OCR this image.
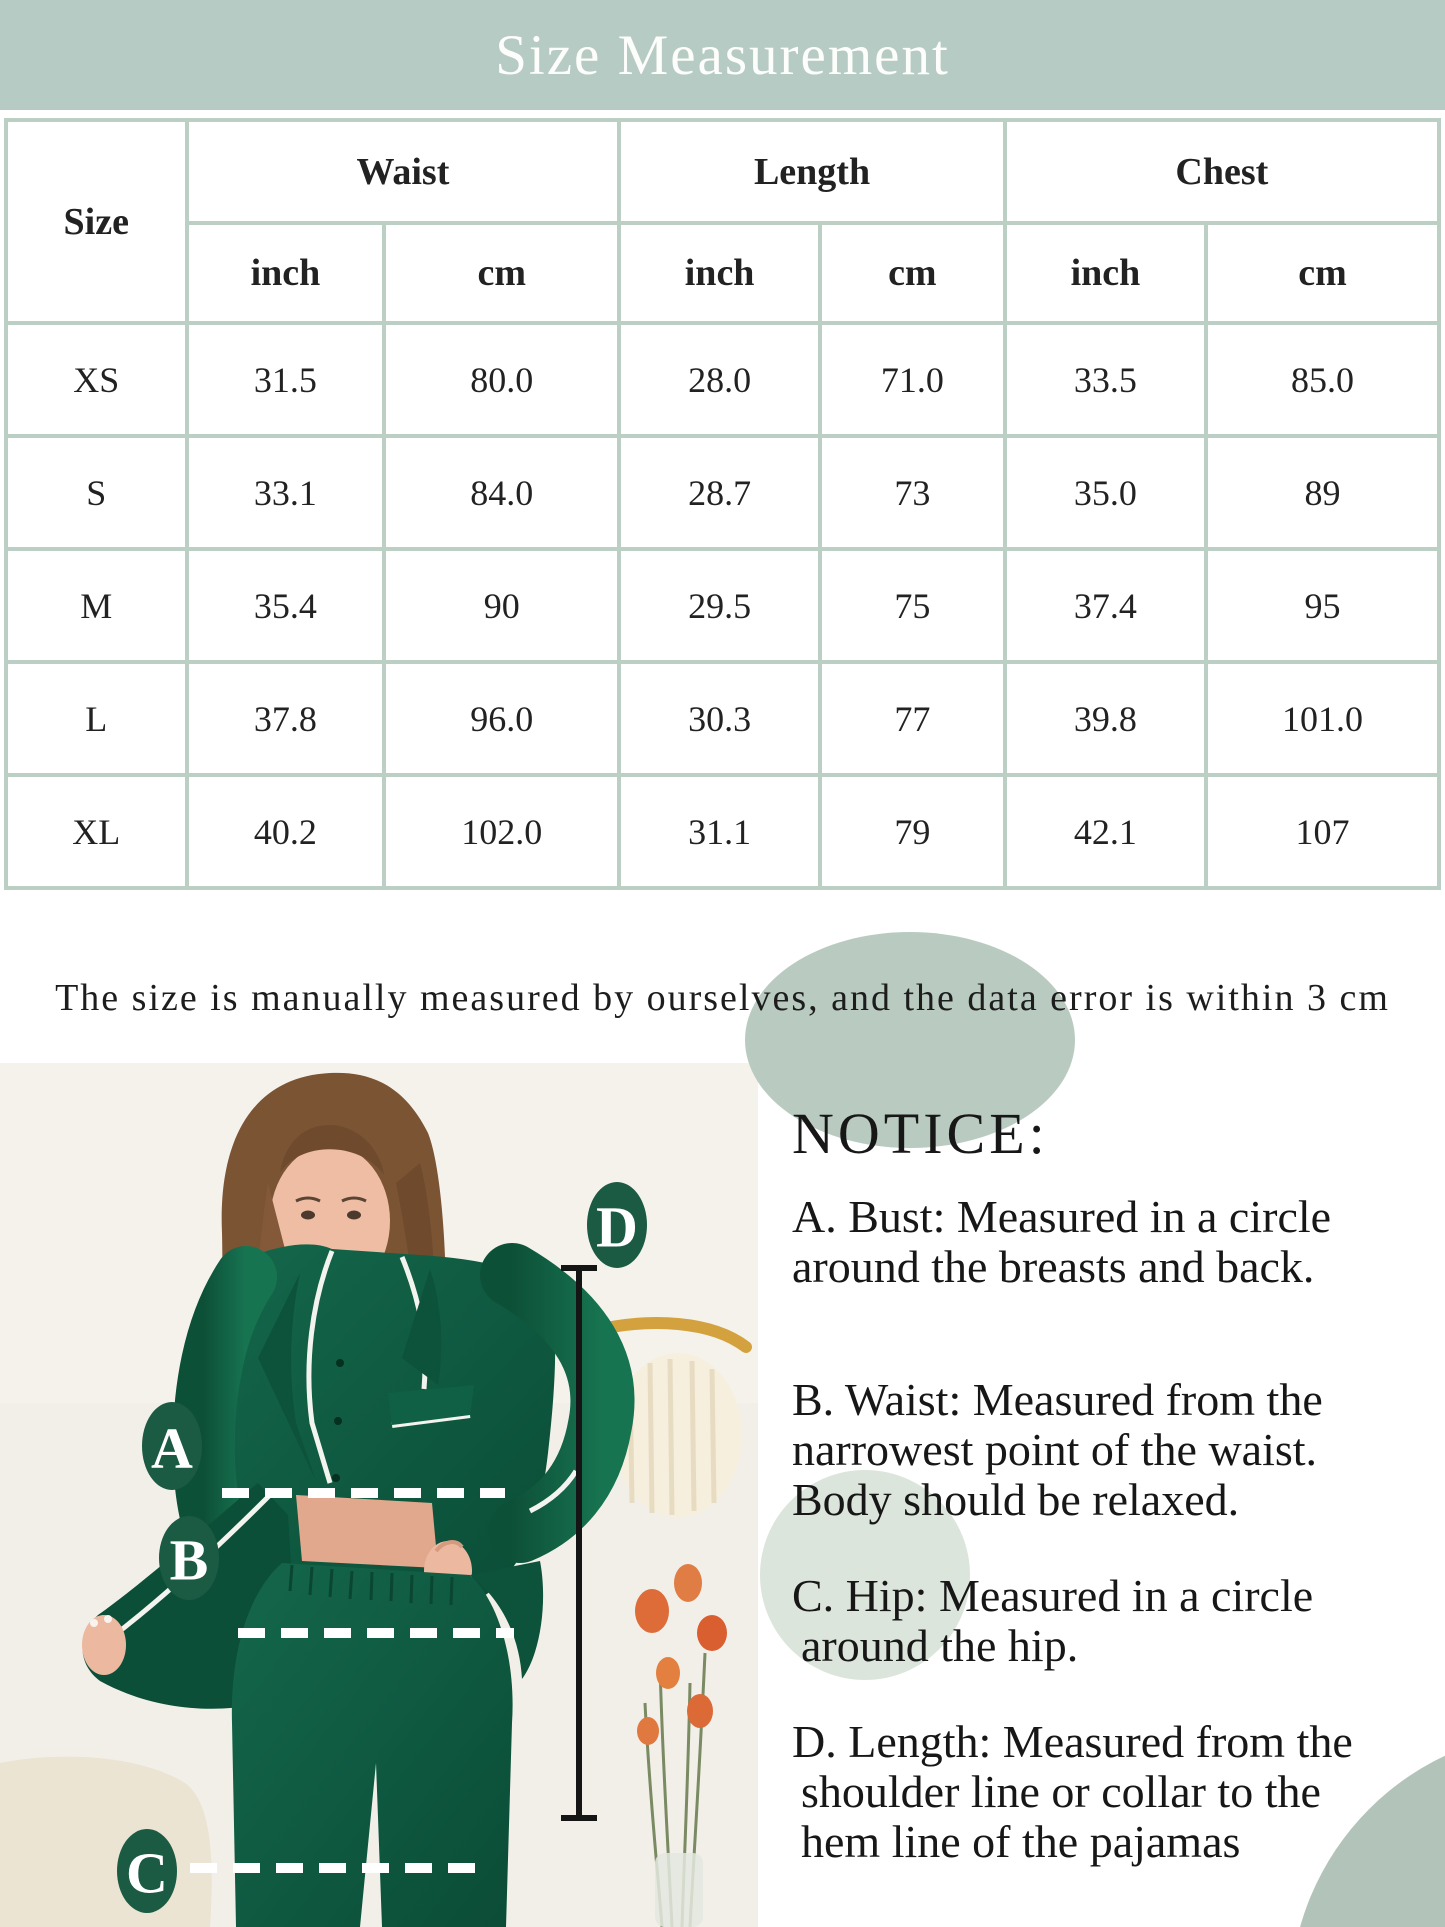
Size Measurement
Size	Waist		Length		Chest	
	inch	cm	inch	cm	inch	cm
XS	31.5	80.0	28.0	71.0	33.5	85.0
S	33.1	84.0	28.7	73	35.0	89
M	35.4	90	29.5	75	37.4	95
L	37.8	96.0	30.3	77	39.8	101.0
XL	40.2	102.0	31.1	79	42.1	107
The size is manually measured by ourselves, and the data error is within 3 cm
A
B
C
D
NOTICE:
A. Bust: Measured in a circle
around the breasts and back.
B. Waist: Measured from the
narrowest point of the waist.
Body should be relaxed.
C. Hip: Measured in a circle
around the hip.
D. Length: Measured from the
shoulder line or collar to the
hem line of the pajamas
